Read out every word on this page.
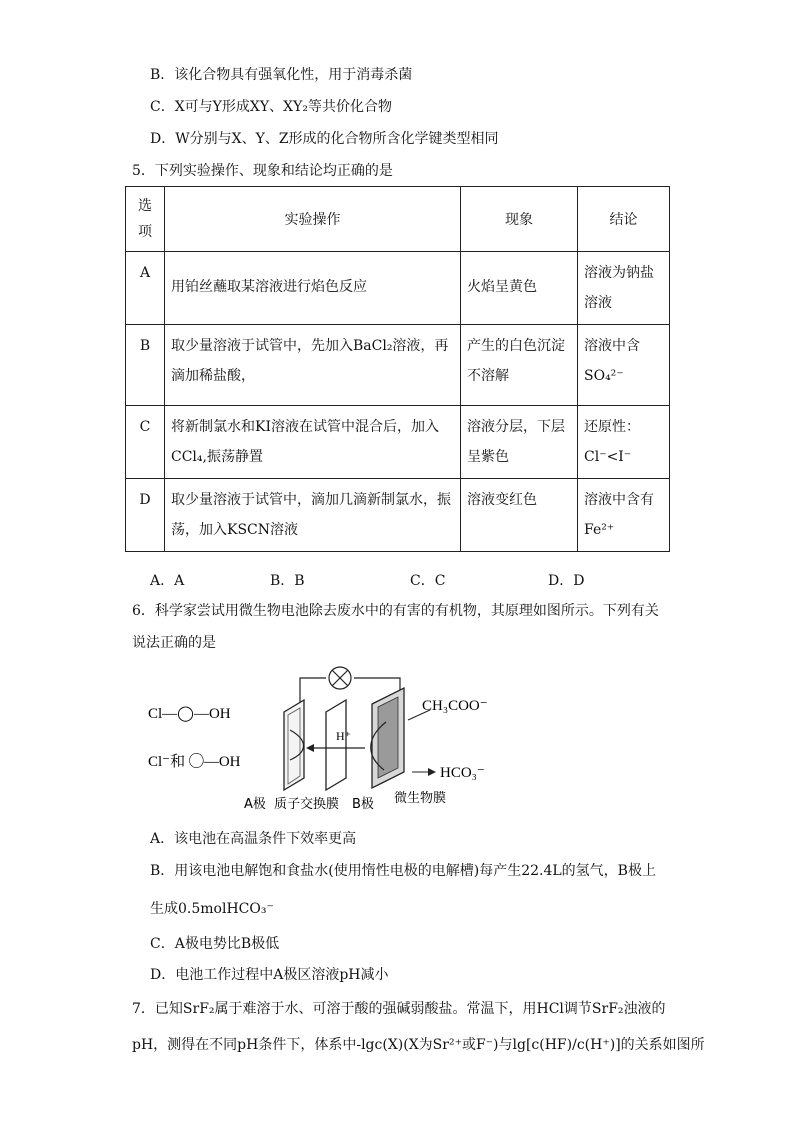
B．该化合物具有强氧化性，用于消毒杀菌
C．X可与Y形成XY、XY₂等共价化合物
D．W分别与X、Y、Z形成的化合物所含化学键类型相同
5．下列实验操作、现象和结论均正确的是
选项	实验操作	现象	结论
A	用铂丝蘸取某溶液进行焰色反应	火焰呈黄色	溶液为钠盐溶液
B	取少量溶液于试管中，先加入BaCl₂溶液，再滴加稀盐酸，	产生的白色沉淀不溶解	溶液中含SO₄²⁻
C	将新制氯水和KI溶液在试管中混合后，加入CCl₄,振荡静置	溶液分层，下层呈紫色	还原性：Cl⁻<I⁻
D	取少量溶液于试管中，滴加几滴新制氯水，振荡，加入KSCN溶液	溶液变红色	溶液中含有Fe²⁺
A．A	B．B	C．C	D．D
6．科学家尝试用微生物电池除去废水中的有害的有机物，其原理如图所示。下列有关
说法正确的是
Cl—◯—OH
Cl⁻和 ◯—OH
H⁺
CH₃COO⁻
HCO₃⁻
A极 质子交换膜 B极 微生物膜
A．该电池在高温条件下效率更高
B．用该电池电解饱和食盐水(使用惰性电极的电解槽)每产生22.4L的氢气，B极上
生成0.5molHCO₃⁻
C．A极电势比B极低
D．电池工作过程中A极区溶液pH减小
7．已知SrF₂属于难溶于水、可溶于酸的强碱弱酸盐。常温下，用HCl调节SrF₂浊液的
pH，测得在不同pH条件下，体系中-lgc(X)(X为Sr²⁺或F⁻)与lg[c(HF)/c(H⁺)]的关系如图所
